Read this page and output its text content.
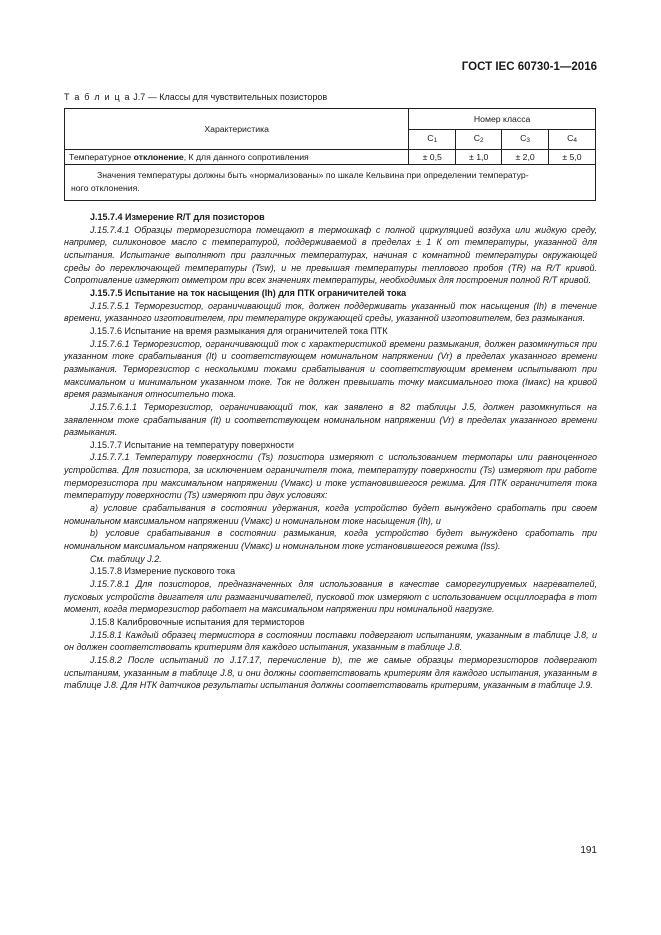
ГОСТ IEC 60730-1—2016
Т а б л и ц а J.7 — Классы для чувствительных позисторов
Характеристика	Номер класса			
	С1	С2	С3	С4
Температурное отклонение, К для данного сопротивления	± 0,5	± 1,0	± 2,0	± 5,0

Значения температуры должны быть «нормализованы» по шкале Кельвина при определении температур-
ного отклонения.				

J.15.7.4 Измерение R/T для позисторов

J.15.7.4.1 Образцы терморезистора помещают в термошкаф с полной циркуляцией воздуха или жидкую среду, например, силиконовое масло с температурой, поддерживаемой в пределах ± 1 К от температуры, указанной для испытания. Испытание выполняют при различных температурах, начиная с комнатной температуры окружающей среды до переключающей температуры (Tsw), и не превышая температуры теплового пробоя (TR) на R/T кривой. Сопротивление измеряют омметром при всех значениях температуры, необходимых для построения полной R/T кривой.

J.15.7.5 Испытание на ток насыщения (Ih) для ПТК ограничителей тока

J.15.7.5.1 Терморезистор, ограничивающий ток, должен поддерживать указанный ток насыщения (Ih) в течение времени, указанного изготовителем, при температуре окружающей среды, указанной изготовителем, без размыкания.

J.15.7.6 Испытание на время размыкания для ограничителей тока ПТК

J.15.7.6.1 Терморезистор, ограничивающий ток с характеристикой времени размыкания, должен разомкнуться при указанном токе срабатывания (It) и соответствующем номинальном напряжении (Vr) в пределах указанного времени размыкания. Терморезистор с несколькими токами срабатывания и соответствующим временем испытывают при максимальном и минимальном указанном токе. Ток не должен превышать точку максимального тока (Iмакс) на кривой время размыкания относительно тока.

J.15.7.6.1.1 Терморезистор, ограничивающий ток, как заявлено в 82 таблицы J.5, должен разомкнуться на заявленном токе срабатывания (It) и соответствующем номинальном напряжении (Vr) в пределах указанного времени размыкания.

J.15.7.7 Испытание на температуру поверхности

J.15.7.7.1 Температуру поверхности (Ts) позистора измеряют с использованием термопары или равноценного устройства. Для позистора, за исключением ограничителя тока, температуру поверхности (Ts) измеряют при работе терморезистора при максимальном напряжении (Vмакс) и токе установившегося режима. Для ПТК ограничителя тока температуру поверхности (Ts) измеряют при двух условиях:

a) условие срабатывания в состоянии удержания, когда устройство будет вынуждено сработать при своем номинальном максимальном напряжении (Vмакс) и номинальном токе насыщения (Ih), и

b) условие срабатывания в состоянии размыкания, когда устройство будет вынуждено сработать при номинальном максимальном напряжении (Vмакс) и номинальном токе установившегося режима (Iss).

См. таблицу J.2.

J.15.7.8 Измерение пускового тока

J.15.7.8.1 Для позисторов, предназначенных для использования в качестве саморегулируемых нагревателей, пусковых устройств двигателя или размагничивателей, пусковой ток измеряют с использованием осциллографа в тот момент, когда терморезистор работает на максимальном напряжении при номинальной нагрузке.

J.15.8 Калибровочные испытания для термисторов

J.15.8.1 Каждый образец термистора в состоянии поставки подвергают испытаниям, указанным в таблице J.8, и он должен соответствовать критериям для каждого испытания, указанным в таблице J.8.

J.15.8.2 После испытаний по J.17.17, перечисление b), те же самые образцы терморезисторов подвергают испытаниям, указанным в таблице J.8, и они должны соответствовать критериям для каждого испытания, указанным в таблице J.8. Для НТК датчиков результаты испытания должны соответствовать критериям, указанным в таблице J.9.

191
